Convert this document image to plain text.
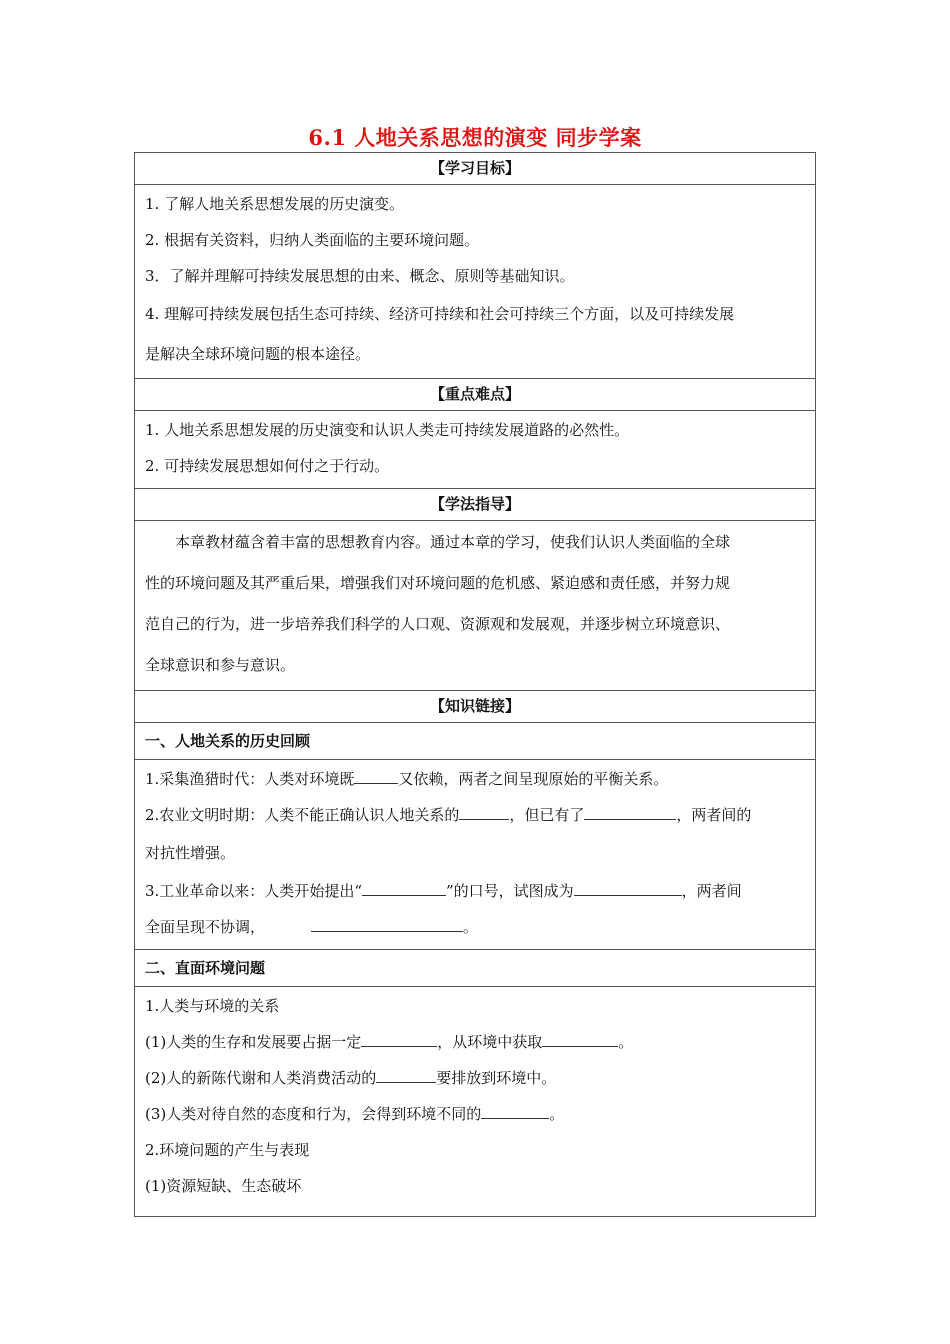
6.1 人地关系思想的演变 同步学案
【学习目标】

1. 了解人地关系思想发展的历史演变。

2. 根据有关资料，归纳人类面临的主要环境问题。

3．了解并理解可持续发展思想的由来、概念、原则等基础知识。

4. 理解可持续发展包括生态可持续、经济可持续和社会可持续三个方面，以及可持续发展

是解决全球环境问题的根本途径。

【重点难点】

1. 人地关系思想发展的历史演变和认识人类走可持续发展道路的必然性。

2. 可持续发展思想如何付之于行动。

【学法指导】

本章教材蕴含着丰富的思想教育内容。通过本章的学习，使我们认识人类面临的全球

性的环境问题及其严重后果，增强我们对环境问题的危机感、紧迫感和责任感，并努力规

范自己的行为，进一步培养我们科学的人口观、资源观和发展观，并逐步树立环境意识、

全球意识和参与意识。

【知识链接】
一、人地关系的历史回顾

1.采集渔猎时代：人类对环境既	又依赖，两者之间呈现原始的平衡关系。

2.农业文明时期：人类不能正确认识人地关系的	，但已有了	，两者间的

对抗性增强。

3.工业革命以来：人类开始提出“	”的口号，试图成为	，两者间

全面呈现不协调，	。

二、直面环境问题

1.人类与环境的关系

(1)人类的生存和发展要占据一定	，从环境中获取	。

(2)人的新陈代谢和人类消费活动的	要排放到环境中。

(3)人类对待自然的态度和行为，会得到环境不同的	。

2.环境问题的产生与表现

(1)资源短缺、生态破坏
